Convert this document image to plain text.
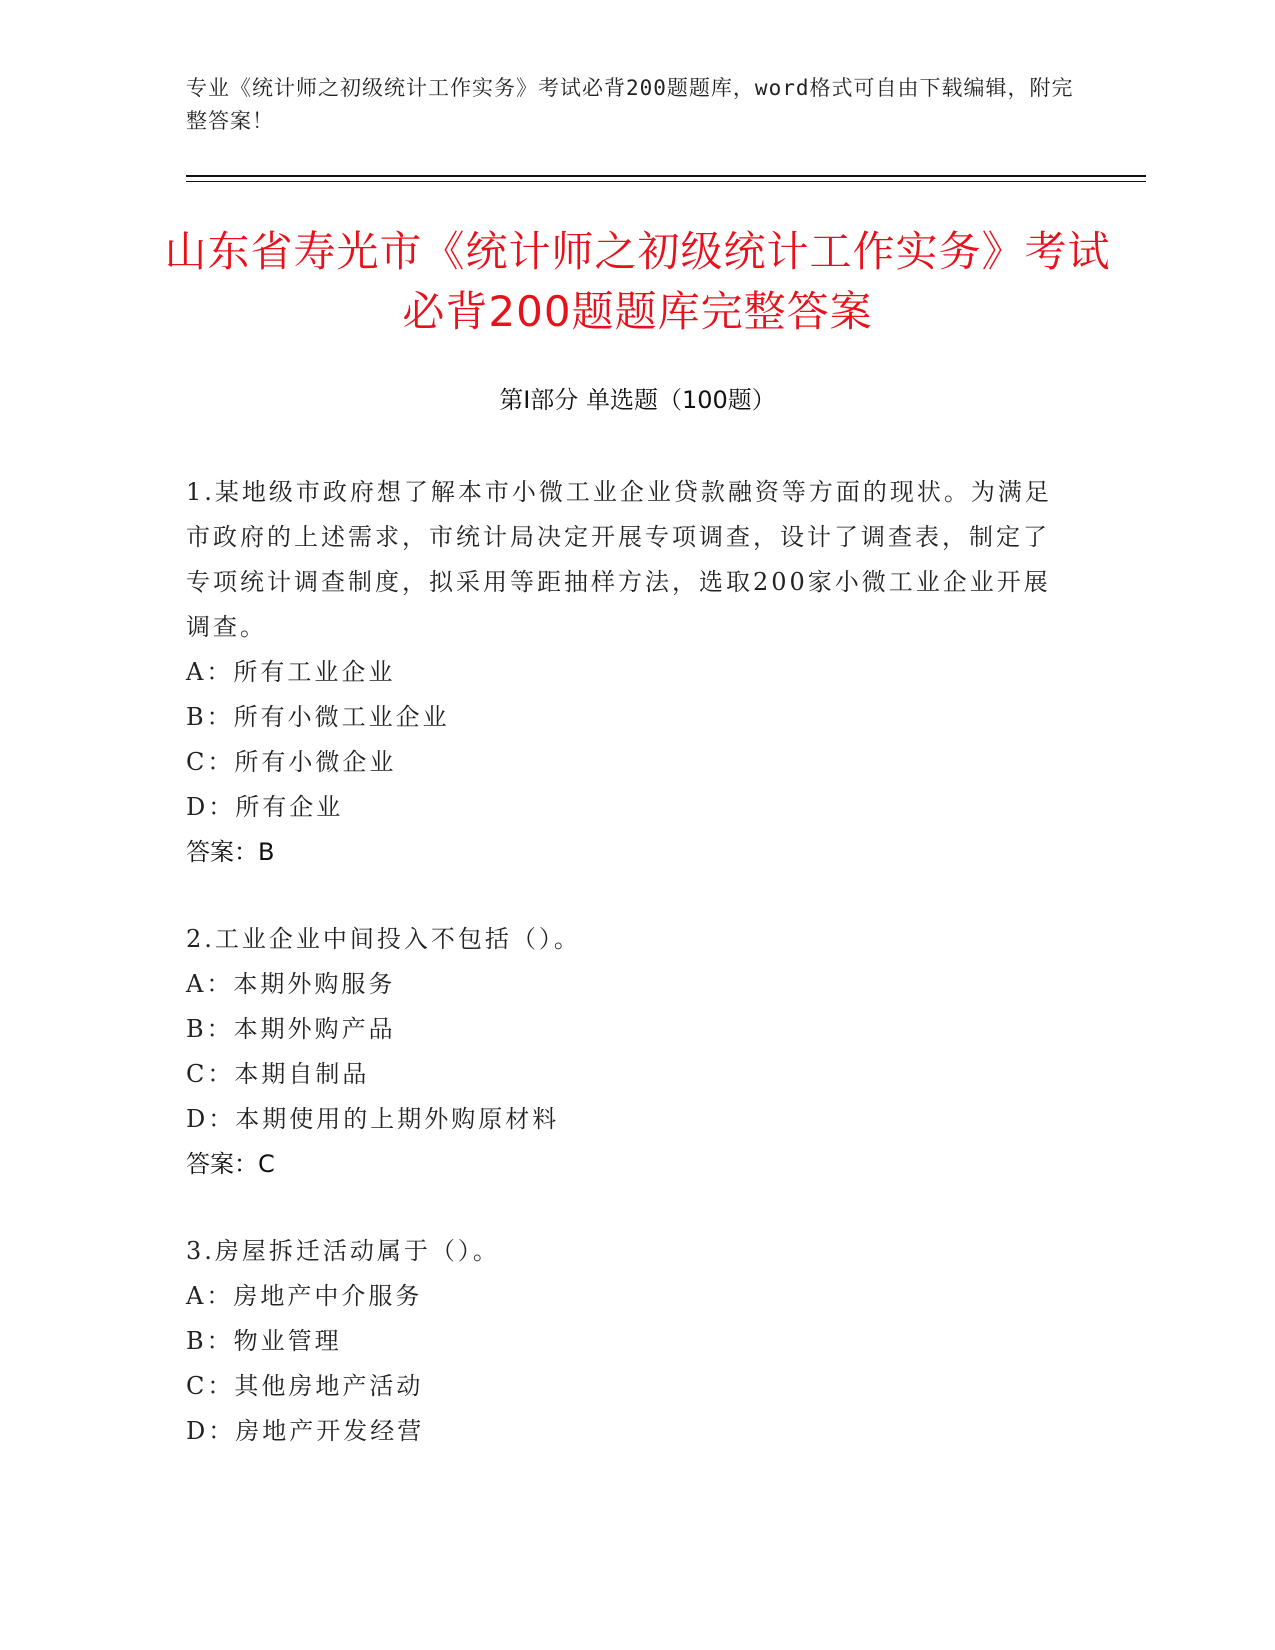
专业《统计师之初级统计工作实务》考试必背200题题库，word格式可自由下载编辑，附完整答案！
山东省寿光市《统计师之初级统计工作实务》考试必背200题题库完整答案
第I部分 单选题（100题）
1.某地级市政府想了解本市小微工业企业贷款融资等方面的现状。为满足市政府的上述需求，市统计局决定开展专项调查，设计了调查表，制定了专项统计调查制度，拟采用等距抽样方法，选取200家小微工业企业开展调查。
A：所有工业企业
B：所有小微工业企业
C：所有小微企业
D：所有企业
答案：B
2.工业企业中间投入不包括（）。
A：本期外购服务
B：本期外购产品
C：本期自制品
D：本期使用的上期外购原材料
答案：C
3.房屋拆迁活动属于（）。
A：房地产中介服务
B：物业管理
C：其他房地产活动
D：房地产开发经营
